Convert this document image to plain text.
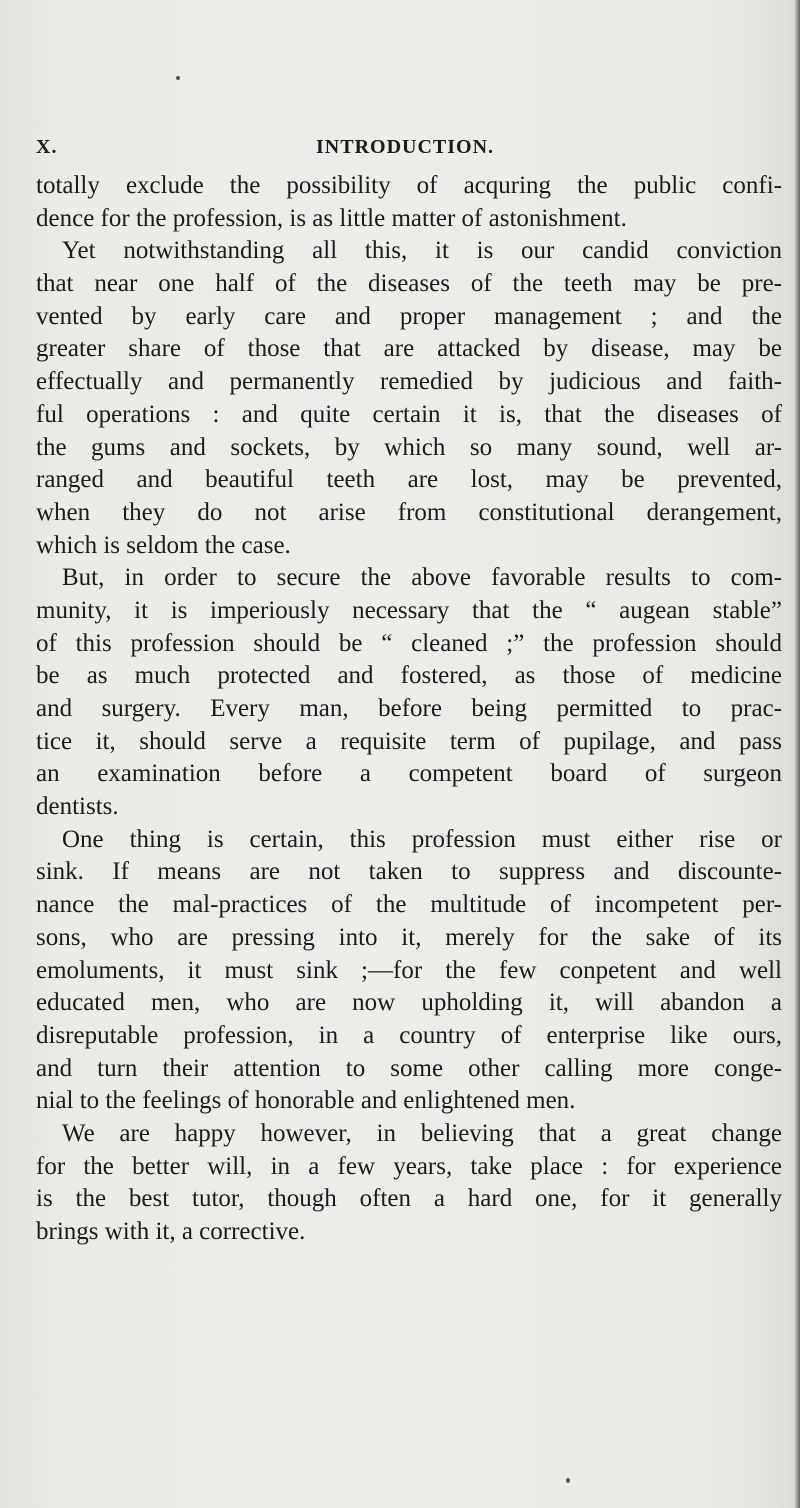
X.	INTRODUCTION.
totally exclude the possibility of acquring the public confi-
dence for the profession, is as little matter of astonishment.
Yet notwithstanding all this, it is our candid conviction
that near one half of the diseases of the teeth may be pre-
vented by early care and proper management ; and the
greater share of those that are attacked by disease, may be
effectually and permanently remedied by judicious and faith-
ful operations : and quite certain it is, that the diseases of
the gums and sockets, by which so many sound, well ar-
ranged and beautiful teeth are lost, may be prevented,
when they do not arise from constitutional derangement,
which is seldom the case.
But, in order to secure the above favorable results to com-
munity, it is imperiously necessary that the “ augean stable”
of this profession should be “ cleaned ;” the profession should
be as much protected and fostered, as those of medicine
and surgery. Every man, before being permitted to prac-
tice it, should serve a requisite term of pupilage, and pass
an examination before a competent board of surgeon
dentists.
One thing is certain, this profession must either rise or
sink. If means are not taken to suppress and discounte-
nance the mal-practices of the multitude of incompetent per-
sons, who are pressing into it, merely for the sake of its
emoluments, it must sink ;—for the few conpetent and well
educated men, who are now upholding it, will abandon a
disreputable profession, in a country of enterprise like ours,
and turn their attention to some other calling more conge-
nial to the feelings of honorable and enlightened men.
We are happy however, in believing that a great change
for the better will, in a few years, take place : for experience
is the best tutor, though often a hard one, for it generally
brings with it, a corrective.
